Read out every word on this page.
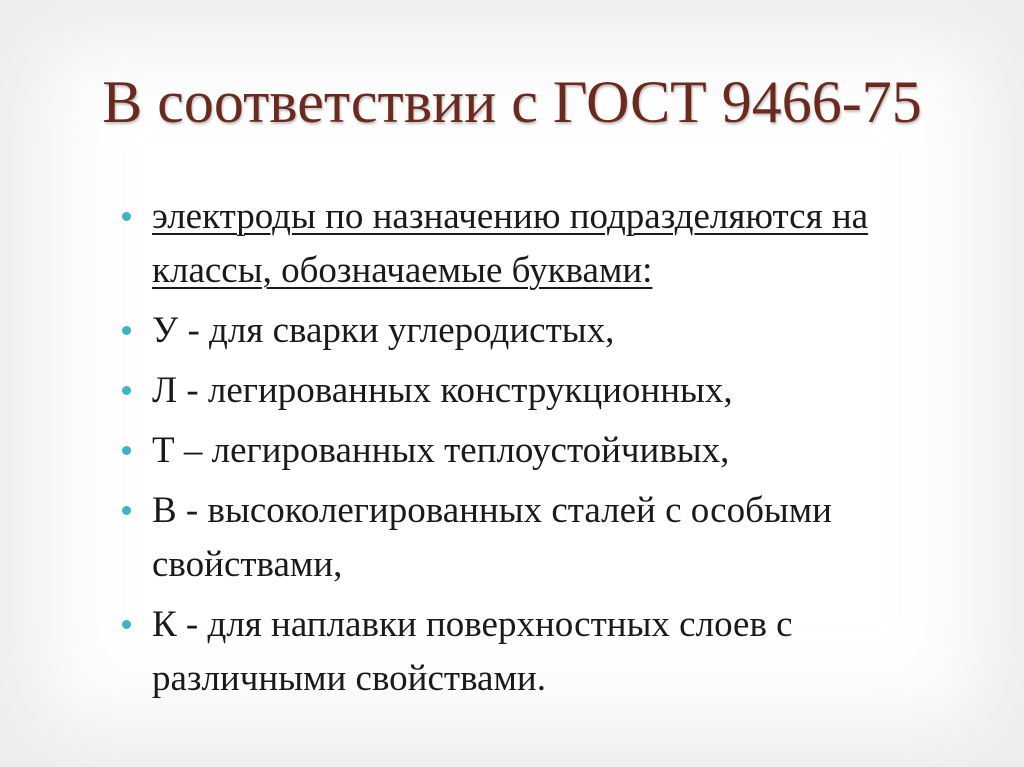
В соответствии с ГОСТ 9466-75
электроды по назначению подразделяются на классы, обозначаемые буквами:
У - для сварки углеродистых,
Л - легированных конструкционных,
Т – легированных теплоустойчивых,
В - высоколегированных сталей с особыми свойствами,
К - для наплавки поверхностных слоев с различными свойствами.
